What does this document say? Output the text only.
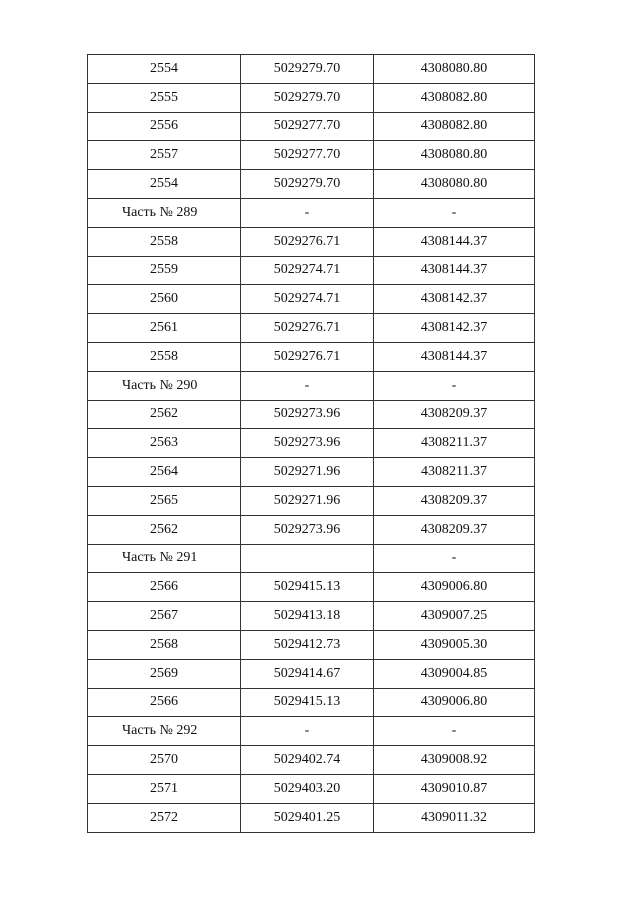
2554	5029279.70	4308080.80
2555	5029279.70	4308082.80
2556	5029277.70	4308082.80
2557	5029277.70	4308080.80
2554	5029279.70	4308080.80
Часть № 289	-	-
2558	5029276.71	4308144.37
2559	5029274.71	4308144.37
2560	5029274.71	4308142.37
2561	5029276.71	4308142.37
2558	5029276.71	4308144.37
Часть № 290	-	-
2562	5029273.96	4308209.37
2563	5029273.96	4308211.37
2564	5029271.96	4308211.37
2565	5029271.96	4308209.37
2562	5029273.96	4308209.37
Часть № 291		-
2566	5029415.13	4309006.80
2567	5029413.18	4309007.25
2568	5029412.73	4309005.30
2569	5029414.67	4309004.85
2566	5029415.13	4309006.80
Часть № 292	-	-
2570	5029402.74	4309008.92
2571	5029403.20	4309010.87
2572	5029401.25	4309011.32
